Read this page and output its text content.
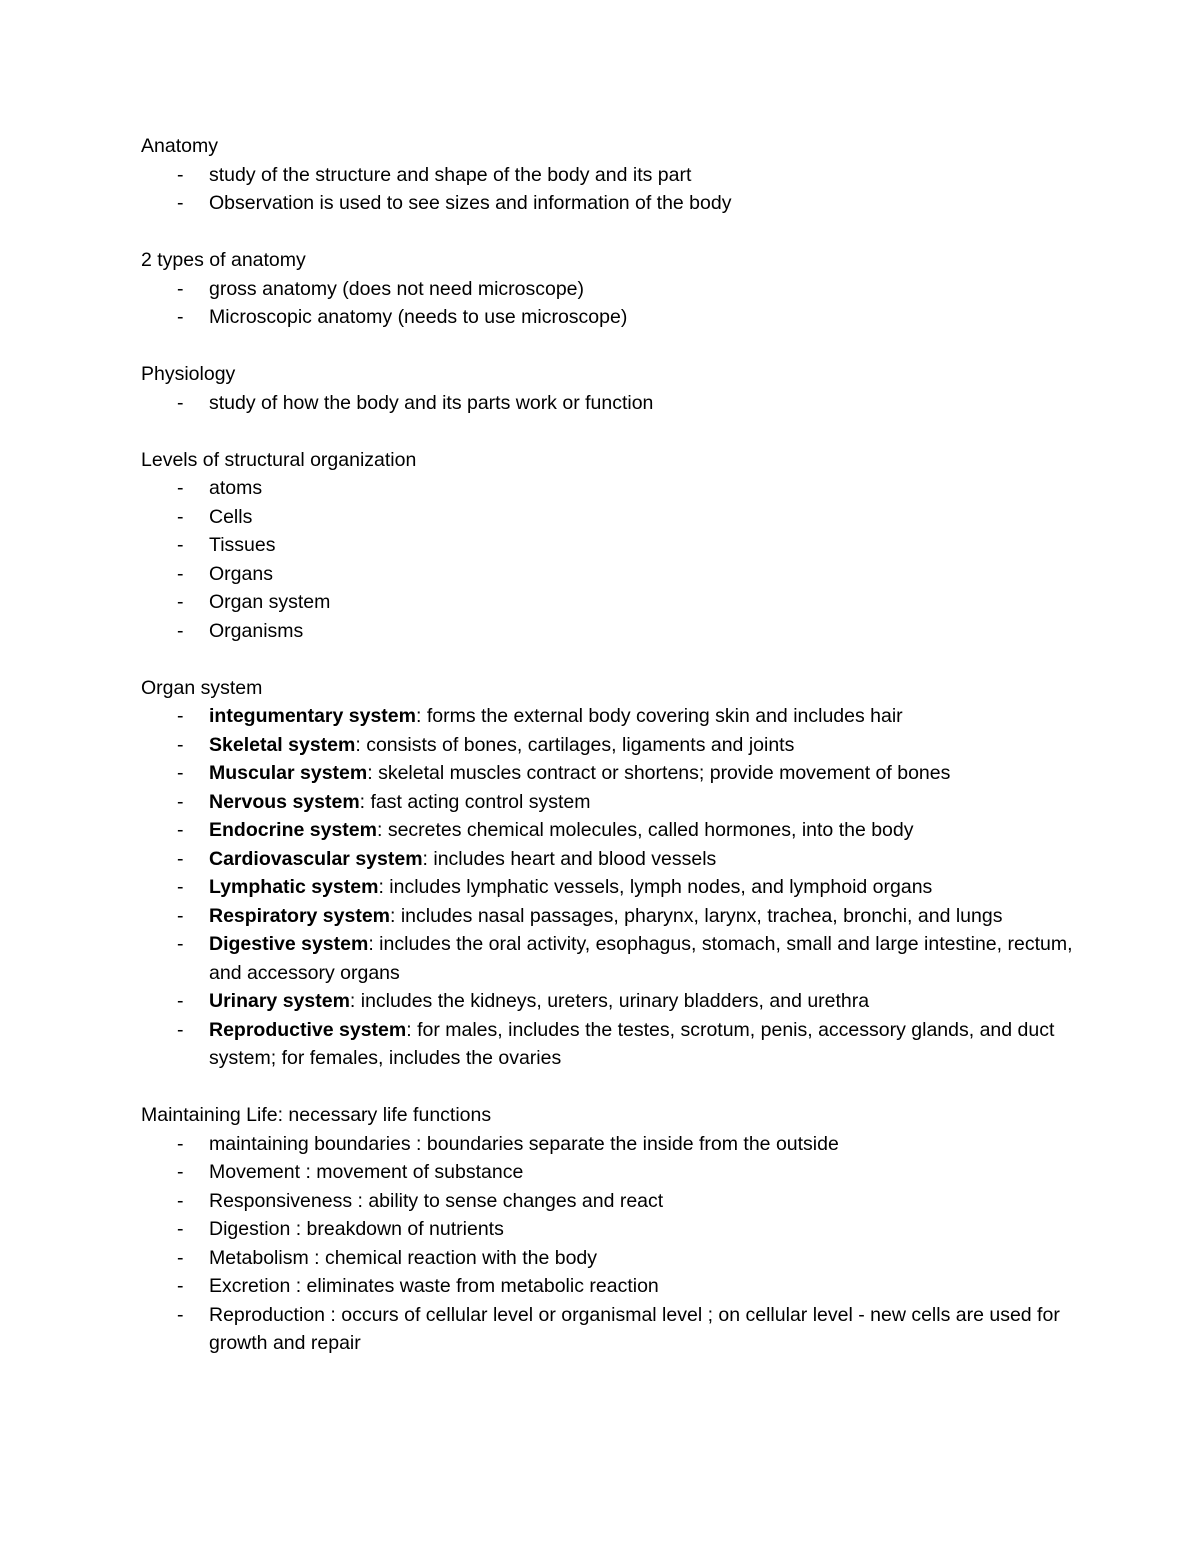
Anatomy
- study of the structure and shape of the body and its part
- Observation is used to see sizes and information of the body
2 types of anatomy
- gross anatomy (does not need microscope)
- Microscopic anatomy (needs to use microscope)
Physiology
- study of how the body and its parts work or function
Levels of structural organization
- atoms
- Cells
- Tissues
- Organs
- Organ system
- Organisms
Organ system
- integumentary system: forms the external body covering skin and includes hair
- Skeletal system: consists of bones, cartilages, ligaments and joints
- Muscular system: skeletal muscles contract or shortens; provide movement of bones
- Nervous system: fast acting control system
- Endocrine system: secretes chemical molecules, called hormones, into the body
- Cardiovascular system: includes heart and blood vessels
- Lymphatic system: includes lymphatic vessels, lymph nodes, and lymphoid organs
- Respiratory system: includes nasal passages, pharynx, larynx, trachea, bronchi, and lungs
- Digestive system: includes the oral activity, esophagus, stomach, small and large intestine, rectum, and accessory organs
- Urinary system: includes the kidneys, ureters, urinary bladders, and urethra
- Reproductive system: for males, includes the testes, scrotum, penis, accessory glands, and duct system; for females, includes the ovaries
Maintaining Life: necessary life functions
- maintaining boundaries : boundaries separate the inside from the outside
- Movement : movement of substance
- Responsiveness : ability to sense changes and react
- Digestion : breakdown of nutrients
- Metabolism : chemical reaction with the body
- Excretion : eliminates waste from metabolic reaction
- Reproduction : occurs of cellular level or organismal level ; on cellular level - new cells are used for growth and repair
